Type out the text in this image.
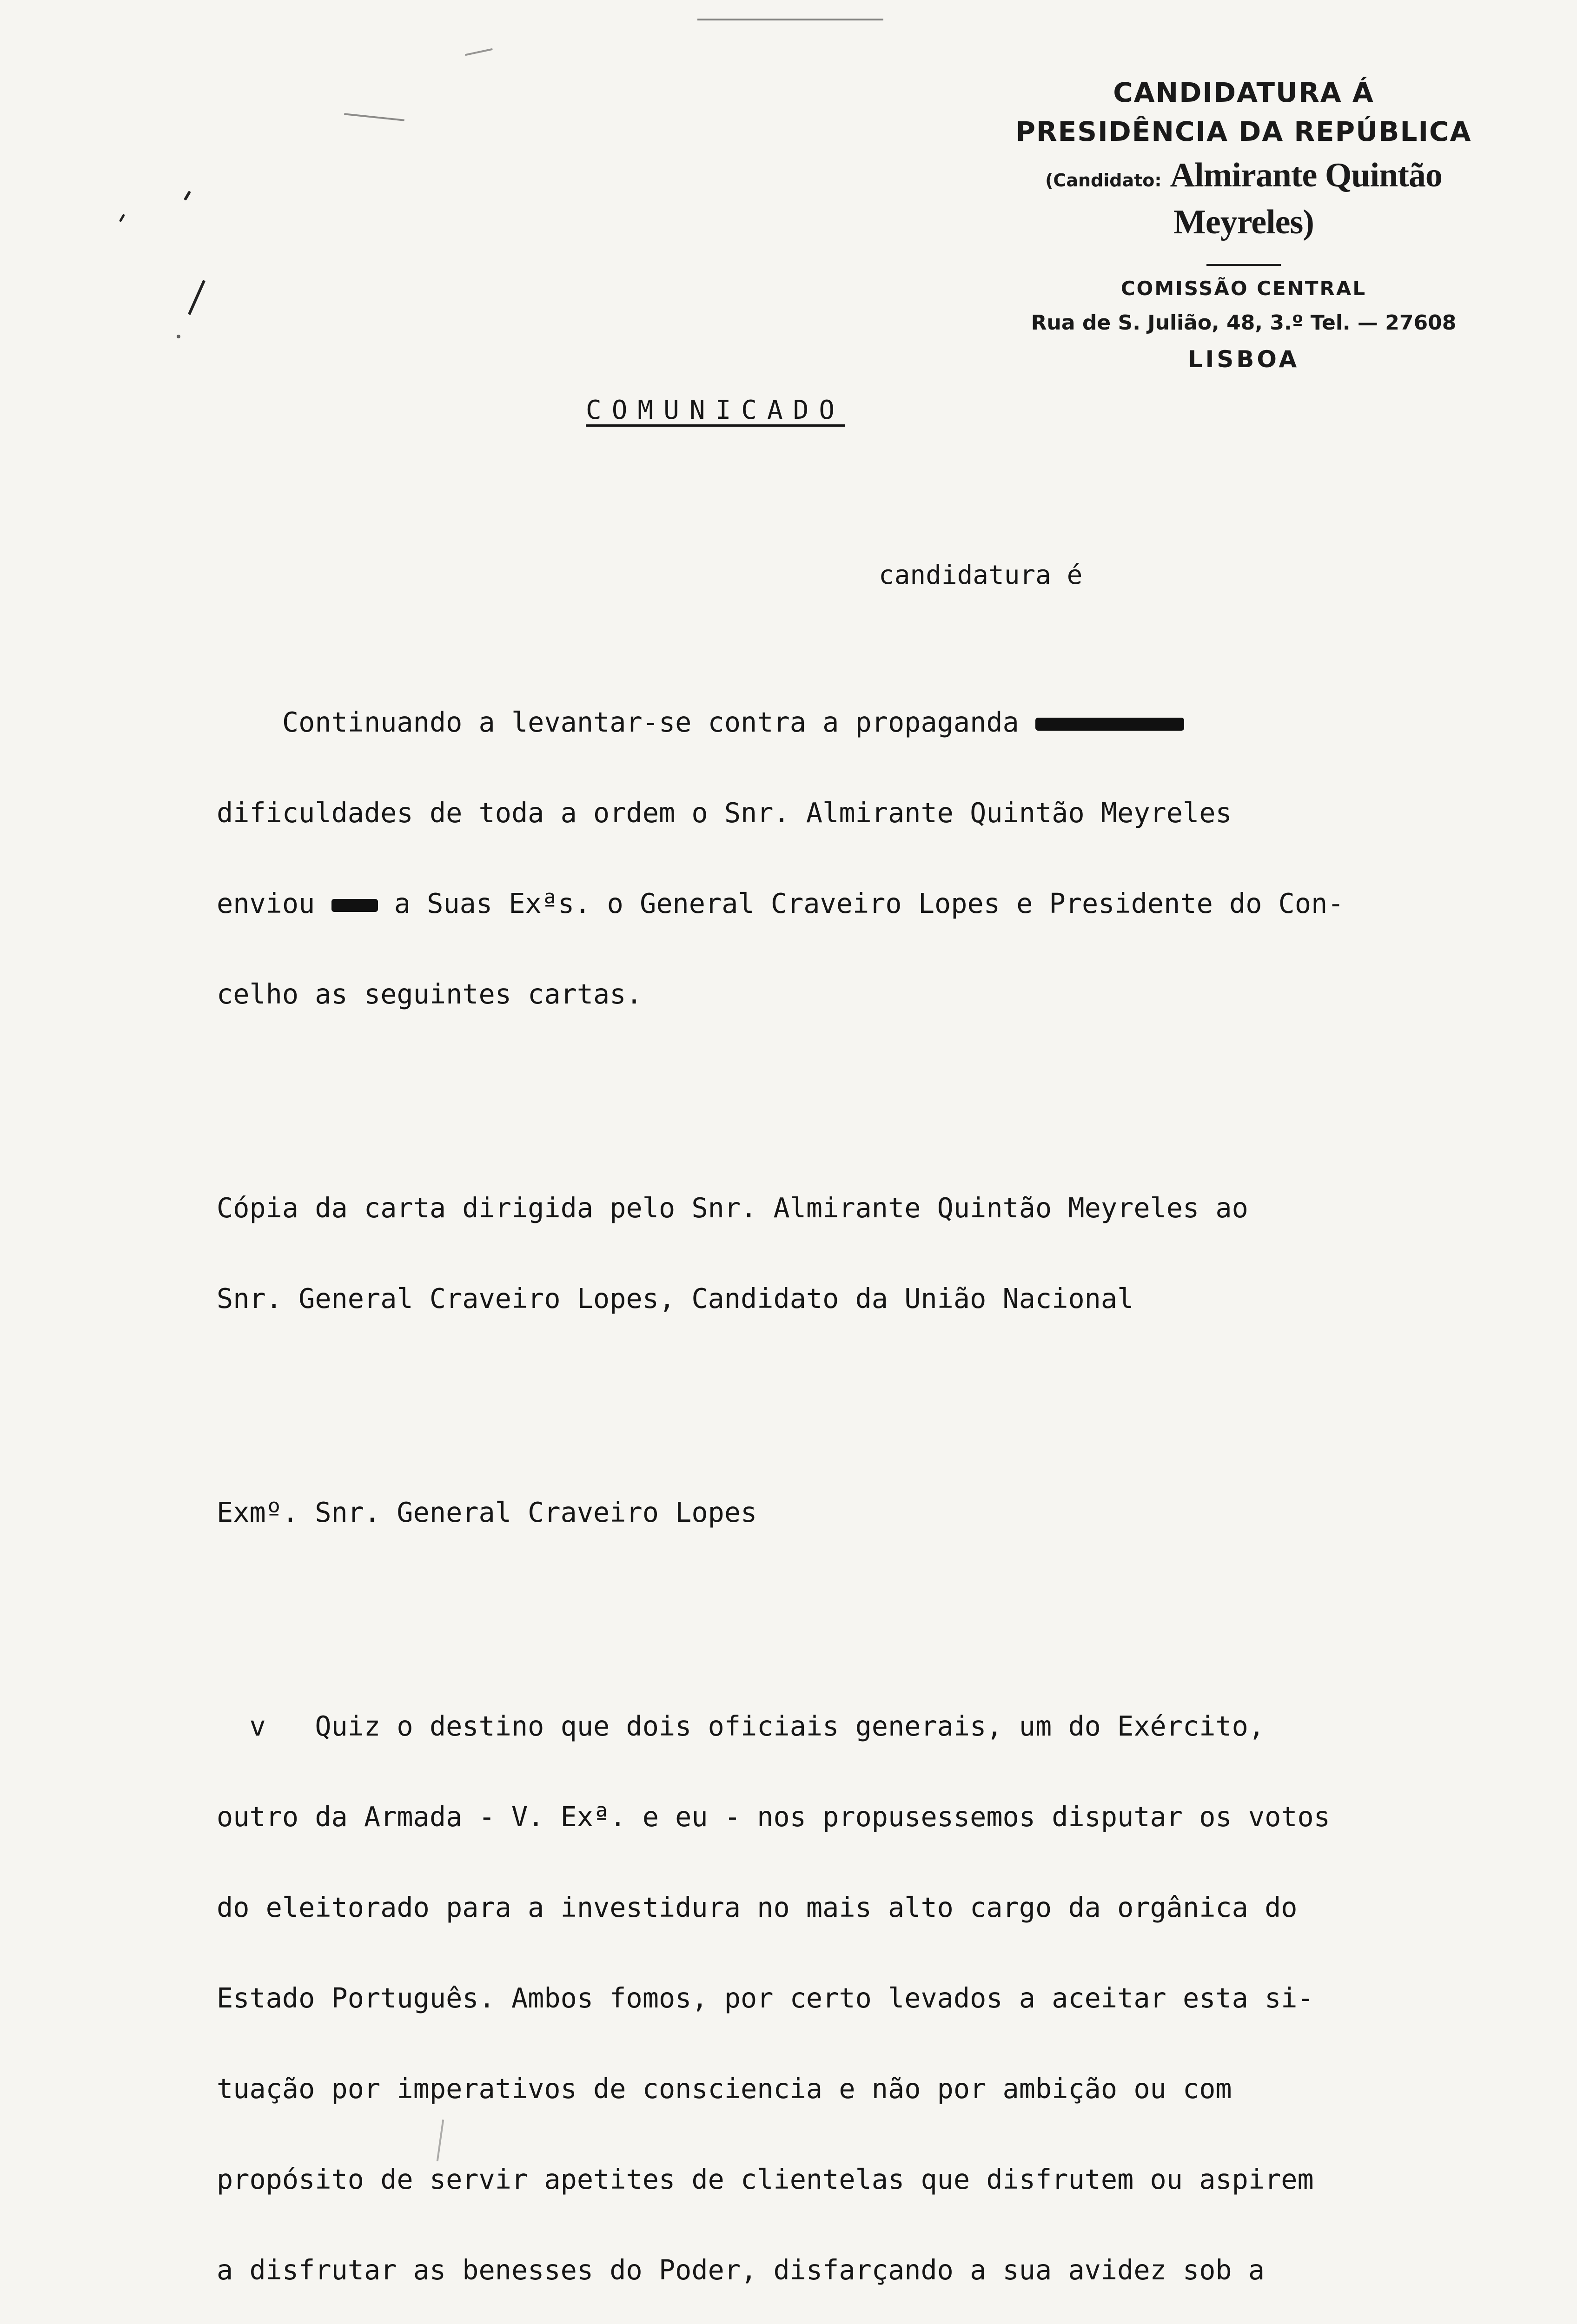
CANDIDATURA Á
PRESIDÊNCIA DA REPÚBLICA
(Candidato: Almirante Quintão Meyreles)
COMISSÃO CENTRAL
Rua de S. Julião, 48, 3.º Tel. — 27608
LISBOA
COMUNICADO
candidatura é

Continuando a levantar-se contra a propaganda

dificuldades de toda a ordem o Snr. Almirante Quintão Meyreles

enviou	a Suas Exªs. o General Craveiro Lopes e Presidente do Con-

celho as seguintes cartas.

Cópia da carta dirigida pelo Snr. Almirante Quintão Meyreles ao

Snr. General Craveiro Lopes, Candidato da União Nacional

Exmº. Snr. General Craveiro Lopes

v   Quiz o destino que dois oficiais generais, um do Exército,

outro da Armada - V. Exª. e eu - nos propusessemos disputar os votos

do eleitorado para a investidura no mais alto cargo da orgânica do

Estado Português. Ambos fomos, por certo levados a aceitar esta si-

tuação por imperativos de consciencia e não por ambição ou com

propósito de servir apetites de clientelas que disfrutem ou aspirem

a disfrutar as benesses do Poder, disfarçando a sua avidez sob a
